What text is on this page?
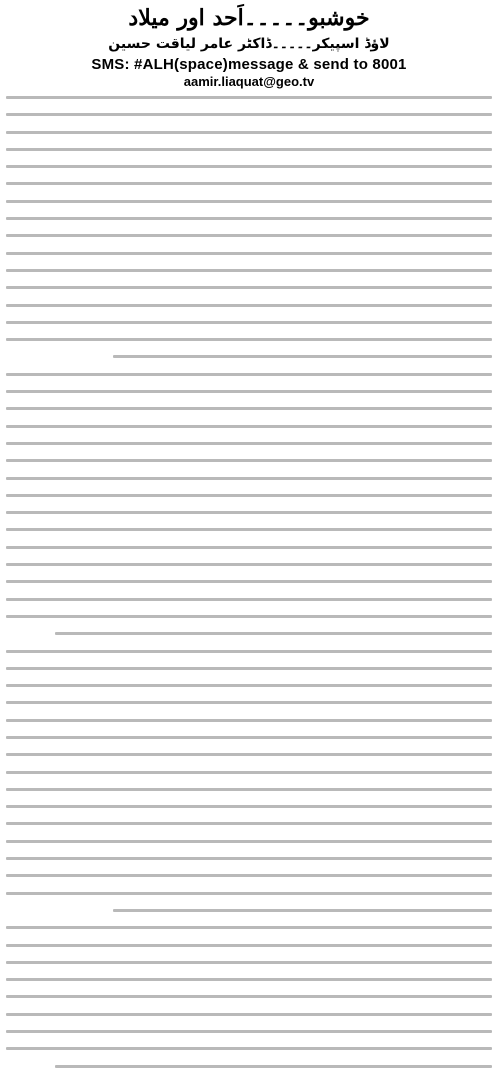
خوشبو۔۔۔۔۔اَحد اور میلاد
لاؤڈ اسپیکر۔۔۔۔۔ڈاکٹر عامر لیاقت حسین
SMS: #ALH(space)message & send to 8001
aamir.liaquat@geo.tv
